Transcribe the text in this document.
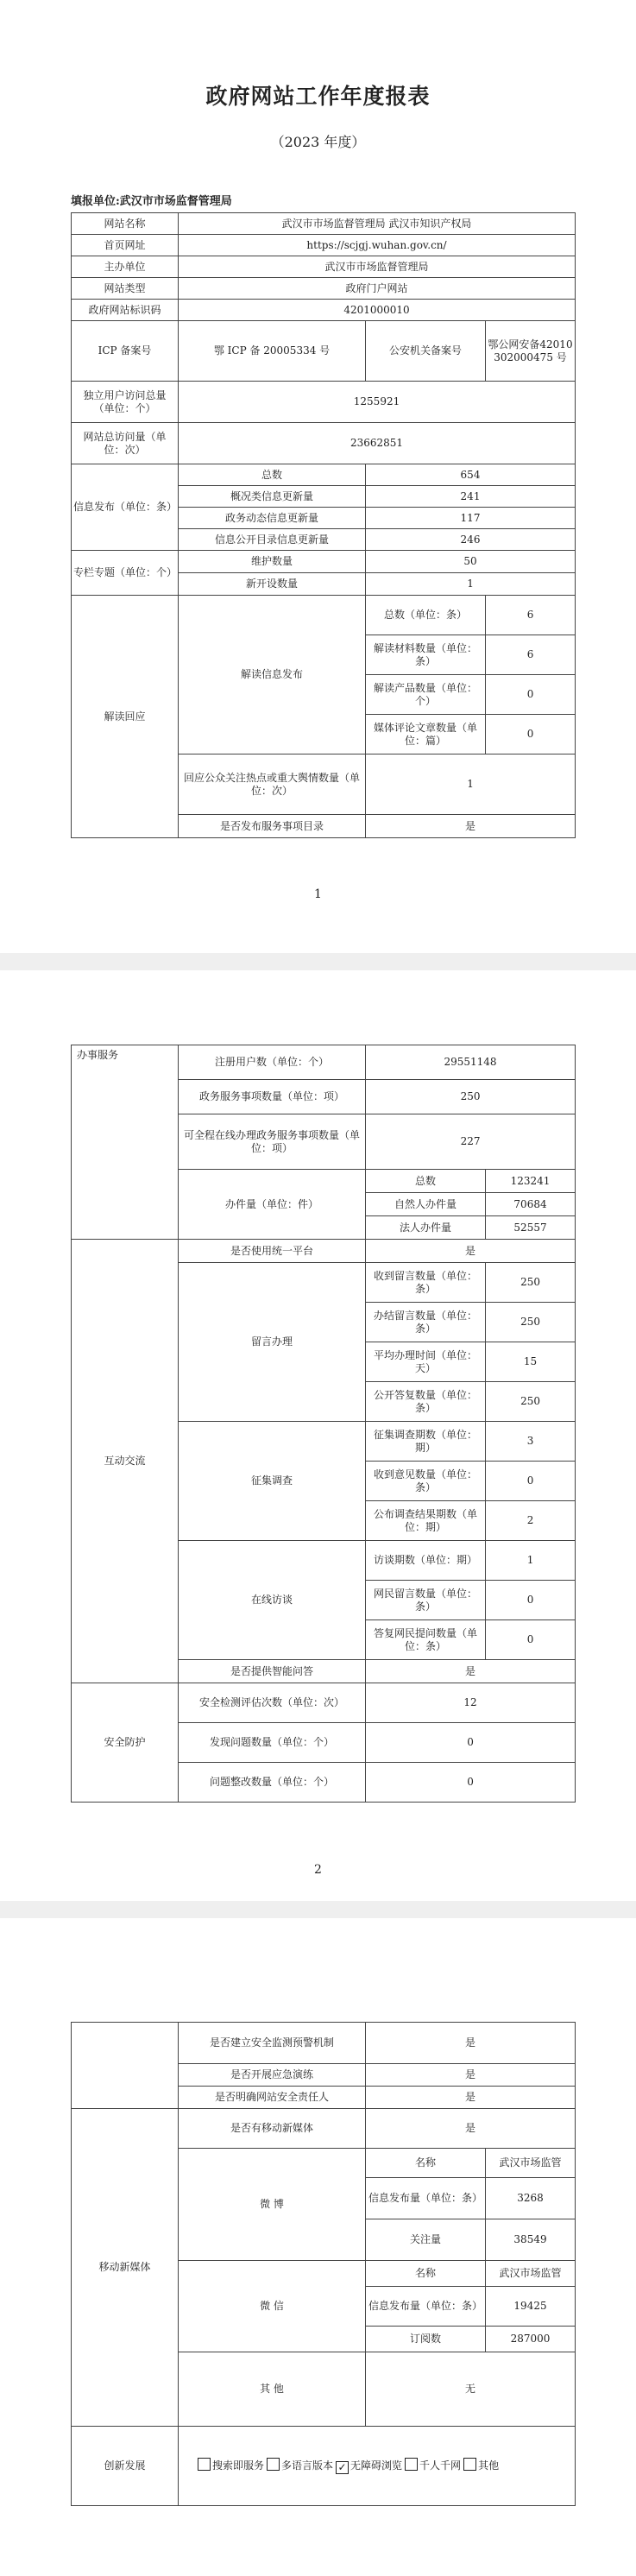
政府网站工作年度报表
（2023 年度）
填报单位:武汉市市场监督管理局
网站名称	武汉市市场监督管理局 武汉市知识产权局		
首页网址	https://scjgj.wuhan.gov.cn/		
主办单位	武汉市市场监督管理局		
网站类型	政府门户网站		
政府网站标识码	4201000010		
ICP 备案号	鄂 ICP 备 20005334 号	公安机关备案号	鄂公网安备42010302000475 号
独立用户访问总量（单位：个）	1255921		
网站总访问量（单位：次）	23662851		
信息发布（单位：条）	总数	654	
	概况类信息更新量	241	
	政务动态信息更新量	117	
	信息公开目录信息更新量	246	
专栏专题（单位：个）	维护数量	50	
	新开设数量	1	
解读回应	解读信息发布	总数（单位：条）	6
		解读材料数量（单位：条）	6
		解读产品数量（单位：个）	0
		媒体评论文章数量（单位：篇）	0
	回应公众关注热点或重大舆情数量（单位：次）	1	
	是否发布服务事项目录	是	
1
办事服务	注册用户数（单位：个）	29551148	
	政务服务事项数量（单位：项）	250	
	可全程在线办理政务服务事项数量（单位：项）	227	
	办件量（单位：件）	总数	123241
		自然人办件量	70684
		法人办件量	52557
互动交流	是否使用统一平台	是	
	留言办理	收到留言数量（单位：条）	250
		办结留言数量（单位：条）	250
		平均办理时间（单位：天）	15
		公开答复数量（单位：条）	250
	征集调查	征集调查期数（单位：期）	3
		收到意见数量（单位：条）	0
		公布调查结果期数（单位：期）	2
	在线访谈	访谈期数（单位：期）	1
		网民留言数量（单位：条）	0
		答复网民提问数量（单位：条）	0
	是否提供智能问答	是	
安全防护	安全检测评估次数（单位：次）	12	
	发现问题数量（单位：个）	0	
	问题整改数量（单位：个）	0	
2
	是否建立安全监测预警机制	是	
	是否开展应急演练	是	
	是否明确网站安全责任人	是	
移动新媒体	是否有移动新媒体	是	
	微 博	名称	武汉市场监管
		信息发布量（单位：条）	3268
		关注量	38549
	微 信	名称	武汉市场监管
		信息发布量（单位：条）	19425
		订阅数	287000
	其 他	无	
创新发展	搜索即服务 多语言版本 ✓ 无障碍浏览 千人千网 其他		
